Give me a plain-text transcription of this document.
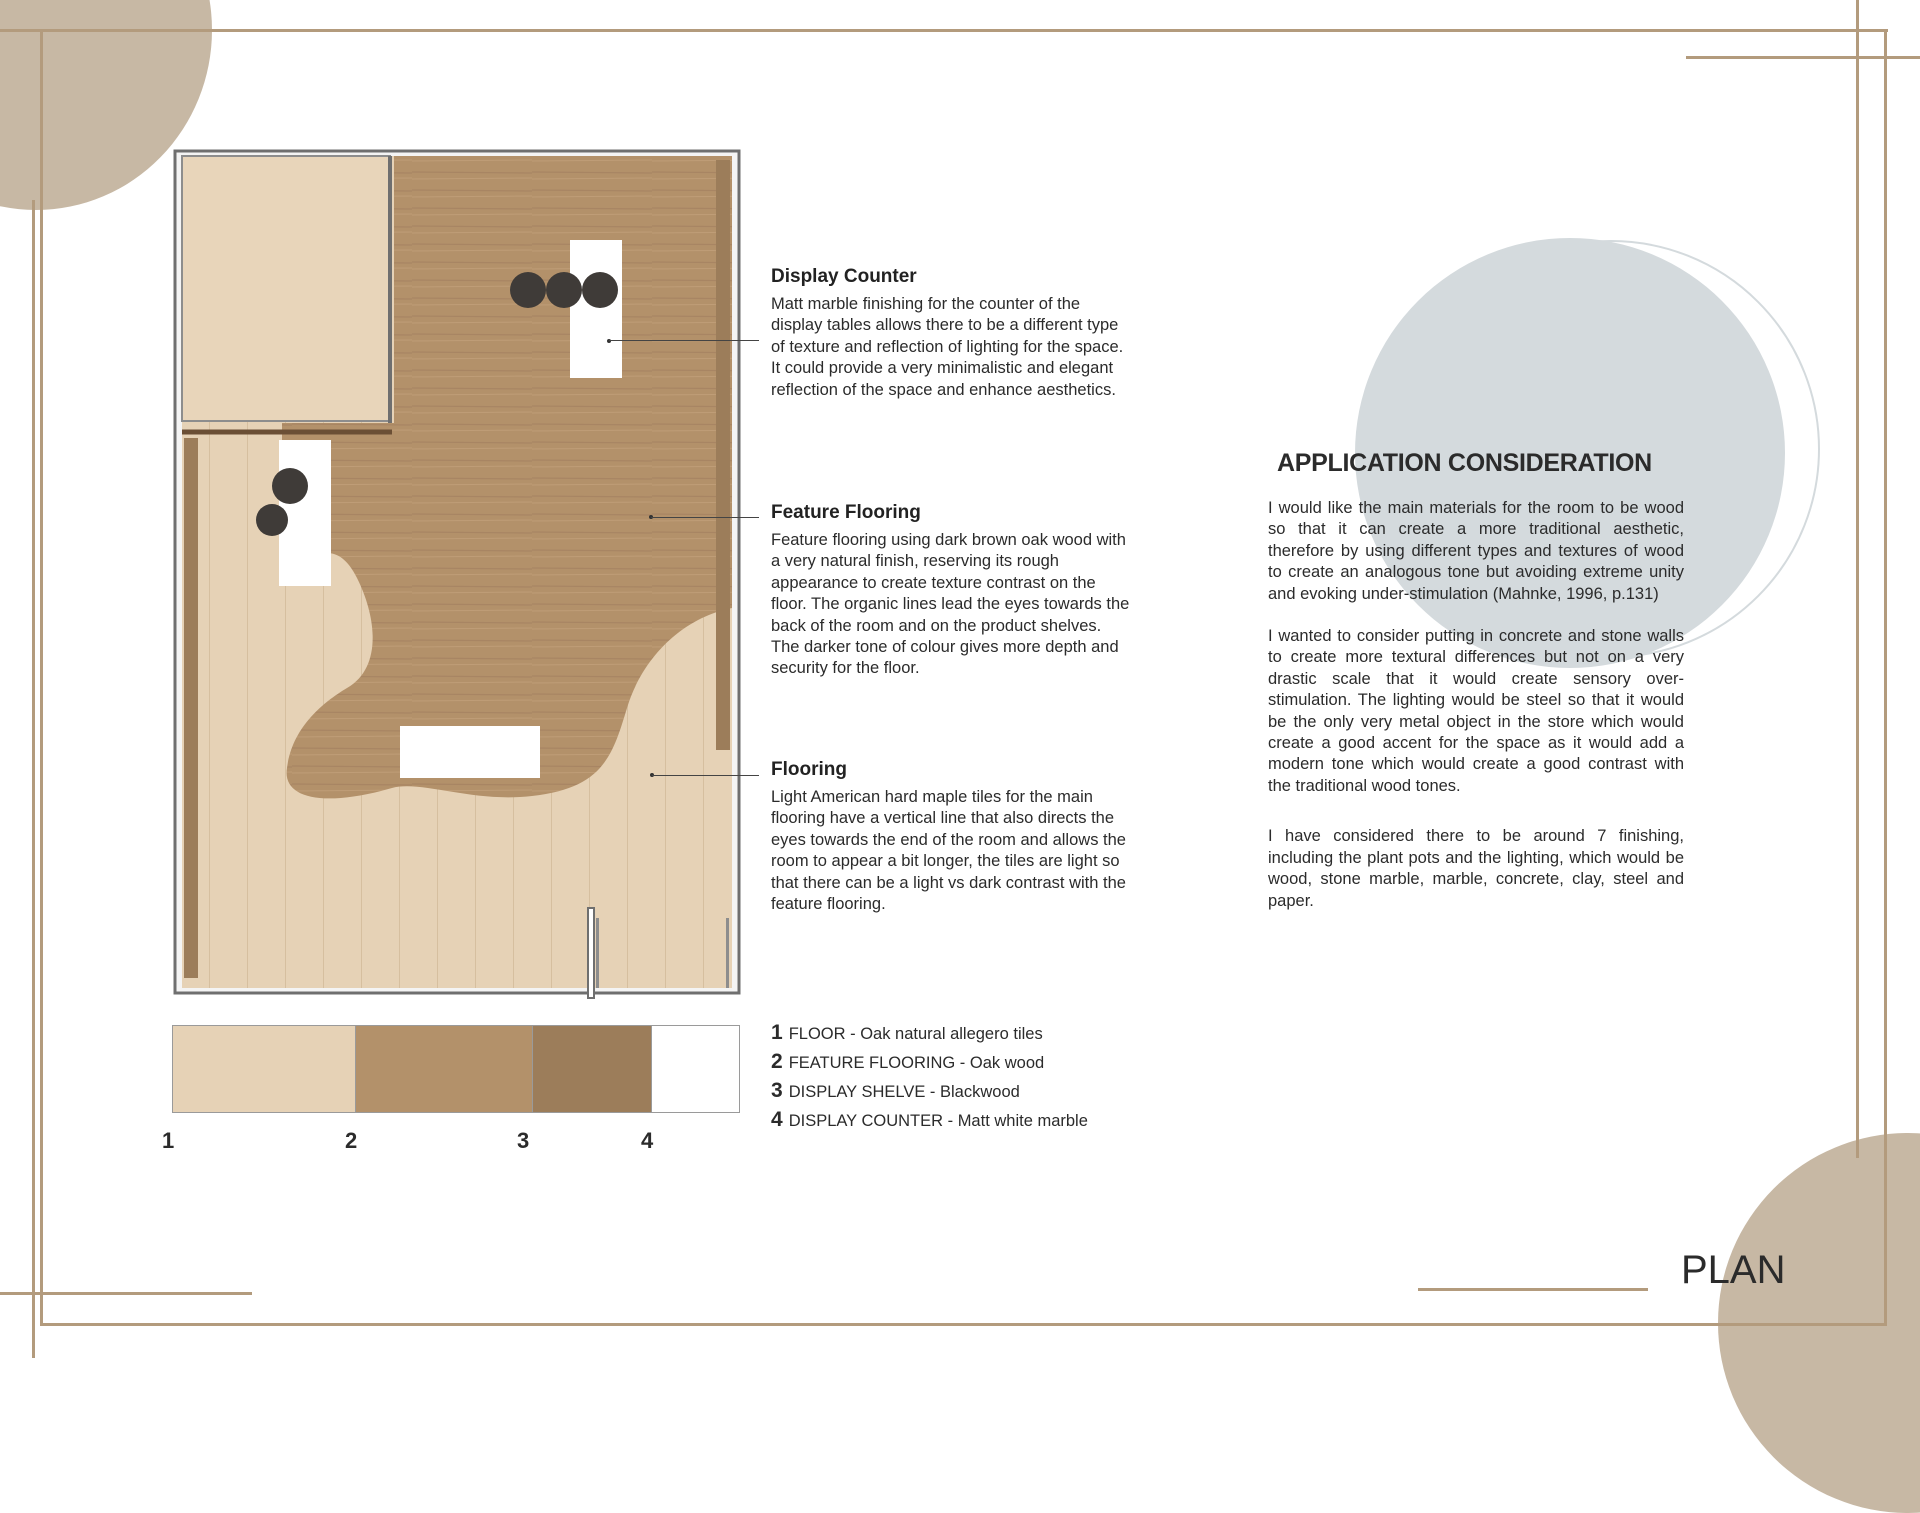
1	2	3	4
1 FLOOR - Oak natural allegero tiles
2 FEATURE FLOORING - Oak wood
3 DISPLAY SHELVE - Blackwood
4 DISPLAY COUNTER - Matt white marble
Display Counter
Matt marble finishing for the counter of the display tables allows there to be a different type of texture and reflection of lighting for the space. It could provide a very minimalistic and elegant reflection of the space and enhance aesthetics.
Feature Flooring
Feature flooring using dark brown oak wood with a very natural finish, reserving its rough appearance to create texture contrast on the floor. The organic lines lead the eyes towards the back of the room and on the product shelves. The darker tone of colour gives more depth and security for the floor.
Flooring
Light American hard maple tiles for the main flooring have a vertical line that also directs the eyes towards the end of the room and allows the room to appear a bit longer, the tiles are light so that there can be a light vs dark contrast with the feature flooring.
APPLICATION CONSIDERATION

I would like the main materials for the room to be wood so that it can create a more traditional aesthetic, therefore by using different types and textures of wood to create an analogous tone but avoiding extreme unity and evoking under-stimulation (Mahnke, 1996, p.131)

I wanted to consider putting in concrete and stone walls to create more textural differences but not on a very drastic scale that it would create sensory over-stimulation. The lighting would be steel so that it would be the only very metal object in the store which would create a good accent for the space as it would add a modern tone which would create a good contrast with the traditional wood tones.

I have considered there to be around 7 finishing, including the plant pots and the lighting, which would be wood, stone marble, marble, concrete, clay, steel and paper.

PLAN
